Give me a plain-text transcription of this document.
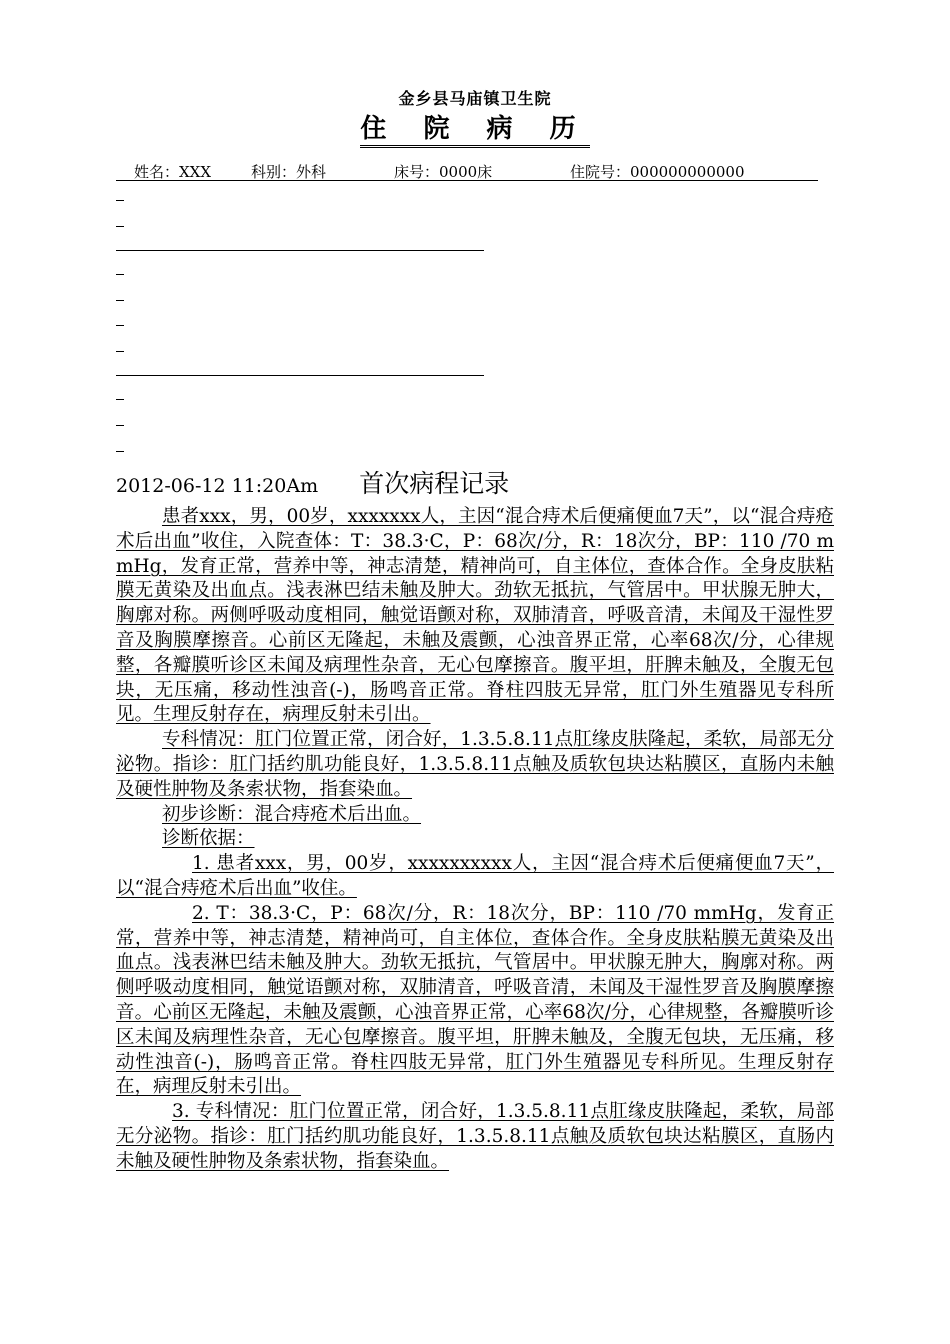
金乡县马庙镇卫生院
住 院 病 历
姓名：XXX	科别：外科	床号：0000床	住院号：000000000000
2012-06-12 11:20Am 首次病程记录

患者xxx，男，00岁，xxxxxxx人，主因“混合痔术后便痛便血7天”，以“混合痔疮术后出血”收住，入院查体：T：38.3·C，P：68次/分，R：18次分，BP：110 /70 mmHg，发育正常，营养中等，神志清楚，精神尚可，自主体位，查体合作。全身皮肤粘膜无黄染及出血点。浅表淋巴结未触及肿大。劲软无抵抗，气管居中。甲状腺无肿大，胸廓对称。两侧呼吸动度相同，触觉语颤对称，双肺清音，呼吸音清，未闻及干湿性罗音及胸膜摩擦音。心前区无隆起，未触及震颤，心浊音界正常，心率68次/分，心律规整，各瓣膜听诊区未闻及病理性杂音，无心包摩擦音。腹平坦，肝脾未触及，全腹无包块，无压痛，移动性浊音(-)，肠鸣音正常。脊柱四肢无异常，肛门外生殖器见专科所见。生理反射存在，病理反射未引出。

专科情况：肛门位置正常，闭合好，1.3.5.8.11点肛缘皮肤隆起，柔软，局部无分泌物。指诊：肛门括约肌功能良好，1.3.5.8.11点触及质软包块达粘膜区，直肠内未触及硬性肿物及条索状物，指套染血。

初步诊断：混合痔疮术后出血。

诊断依据：

1. 患者xxx，男，00岁，xxxxxxxxxx人，主因“混合痔术后便痛便血7天”，以“混合痔疮术后出血”收住。

2. T：38.3·C，P：68次/分，R：18次分，BP：110 /70 mmHg，发育正常，营养中等，神志清楚，精神尚可，自主体位，查体合作。全身皮肤粘膜无黄染及出血点。浅表淋巴结未触及肿大。劲软无抵抗，气管居中。甲状腺无肿大，胸廓对称。两侧呼吸动度相同，触觉语颤对称，双肺清音，呼吸音清，未闻及干湿性罗音及胸膜摩擦音。心前区无隆起，未触及震颤，心浊音界正常，心率68次/分，心律规整，各瓣膜听诊区未闻及病理性杂音，无心包摩擦音。腹平坦，肝脾未触及，全腹无包块，无压痛，移动性浊音(-)，肠鸣音正常。脊柱四肢无异常，肛门外生殖器见专科所见。生理反射存在，病理反射未引出。

3. 专科情况：肛门位置正常，闭合好，1.3.5.8.11点肛缘皮肤隆起，柔软，局部无分泌物。指诊：肛门括约肌功能良好，1.3.5.8.11点触及质软包块达粘膜区，直肠内未触及硬性肿物及条索状物，指套染血。
